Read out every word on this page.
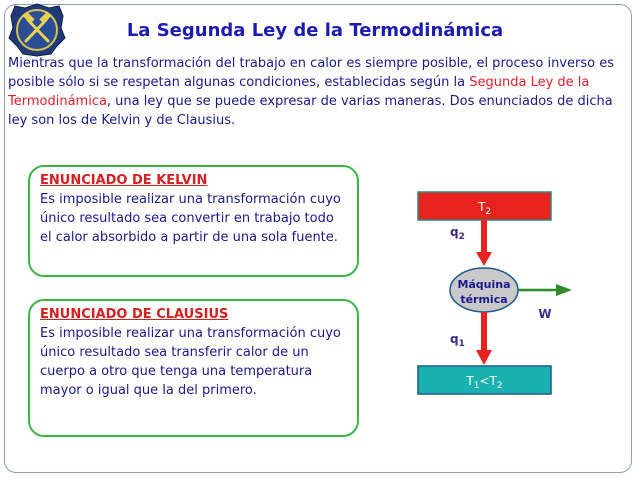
La Segunda Ley de la Termodinámica

Mientras que la transformación del trabajo en calor es siempre posible, el proceso inverso es posible sólo si se respetan algunas condiciones, establecidas según la Segunda Ley de la Termodinámica, una ley que se puede expresar de varias maneras. Dos enunciados de dicha ley son los de Kelvin y de Clausius.

ENUNCIADO DE KELVIN
Es imposible realizar una transformación cuyo único resultado sea convertir en trabajo todo el calor absorbido a partir de una sola fuente.
ENUNCIADO DE CLAUSIUS
Es imposible realizar una transformación cuyo único resultado sea transferir calor de un cuerpo a otro que tenga una temperatura mayor o igual que la del primero.
$T_2$
$q_2$
Máquina
térmica
W
$q_1$
$T_1<T_2$
